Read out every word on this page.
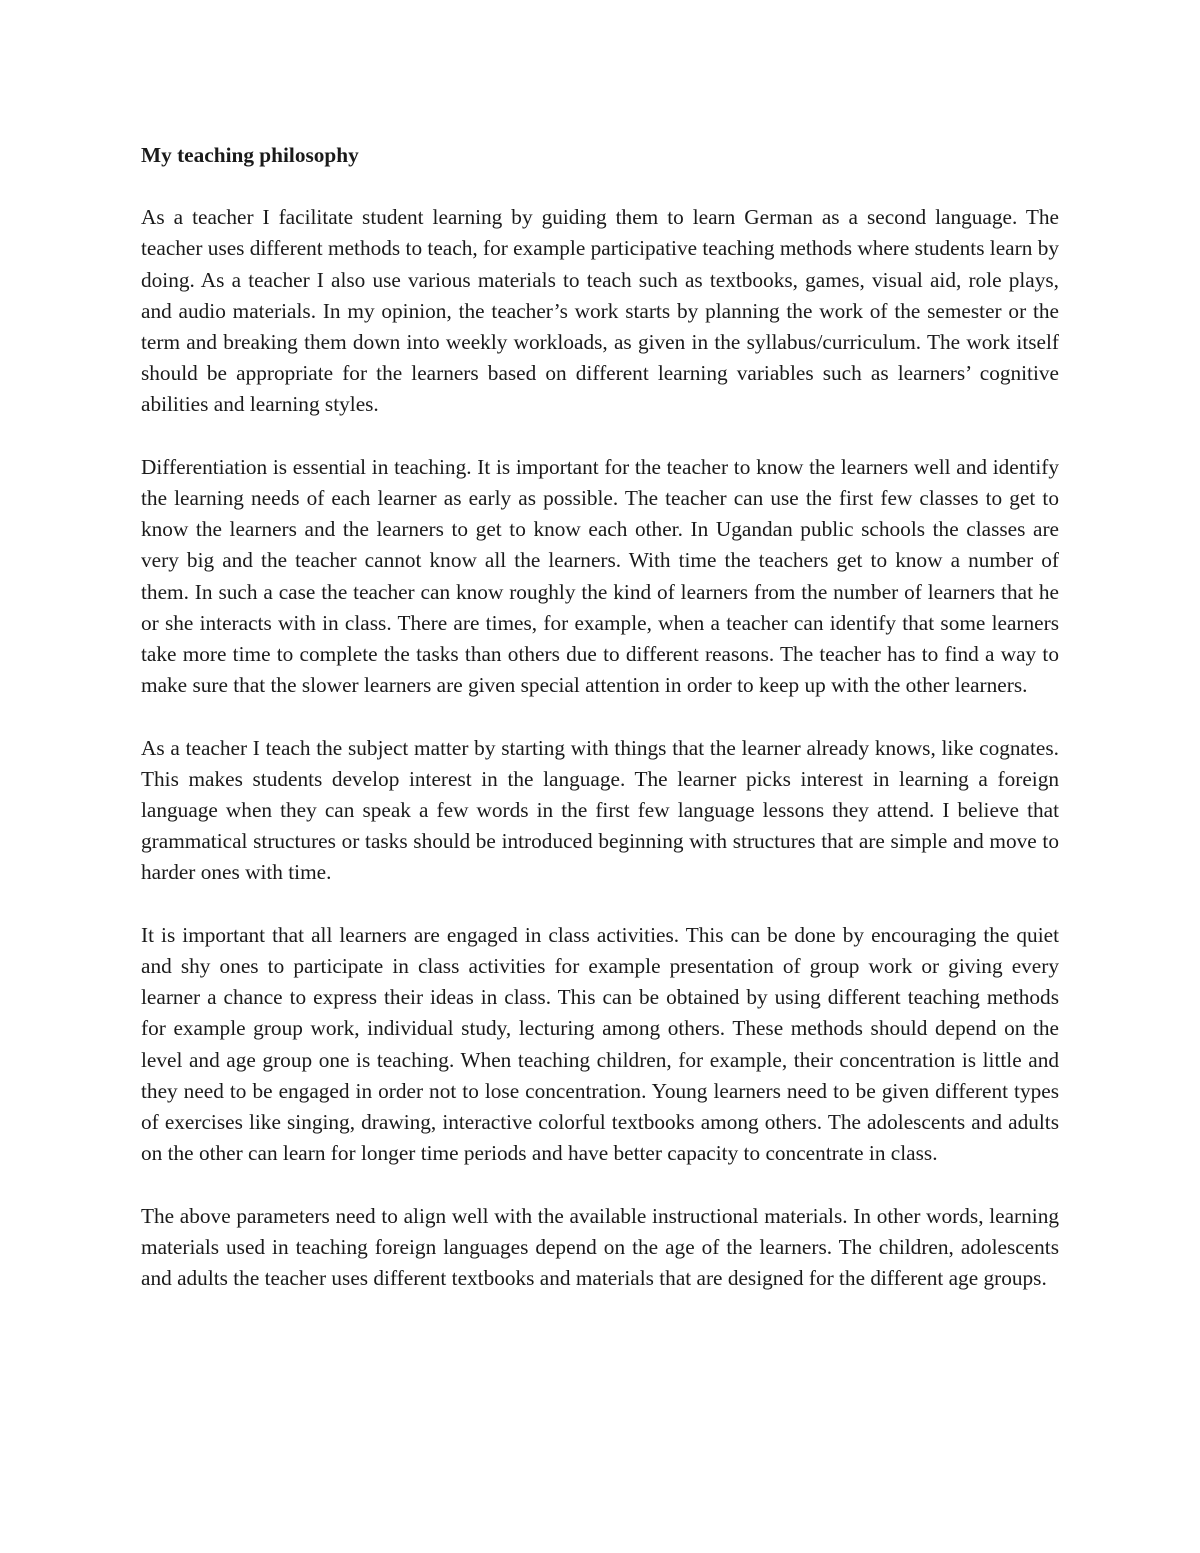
My teaching philosophy

As a teacher I facilitate student learning by guiding them to learn German as a second language. The teacher uses different methods to teach, for example participative teaching methods where students learn by doing. As a teacher I also use various materials to teach such as textbooks, games, visual aid, role plays, and audio materials. In my opinion, the teacher’s work starts by planning the work of the semester or the term and breaking them down into weekly workloads, as given in the syllabus/curriculum. The work itself should be appropriate for the learners based on different learning variables such as learners’ cognitive abilities and learning styles.

Differentiation is essential in teaching. It is important for the teacher to know the learners well and identify the learning needs of each learner as early as possible. The teacher can use the first few classes to get to know the learners and the learners to get to know each other. In Ugandan public schools the classes are very big and the teacher cannot know all the learners. With time the teachers get to know a number of them. In such a case the teacher can know roughly the kind of learners from the number of learners that he or she interacts with in class. There are times, for example, when a teacher can identify that some learners take more time to complete the tasks than others due to different reasons. The teacher has to find a way to make sure that the slower learners are given special attention in order to keep up with the other learners.

As a teacher I teach the subject matter by starting with things that the learner already knows, like cognates. This makes students develop interest in the language. The learner picks interest in learning a foreign language when they can speak a few words in the first few language lessons they attend. I believe that grammatical structures or tasks should be introduced beginning with structures that are simple and move to harder ones with time.

It is important that all learners are engaged in class activities. This can be done by encouraging the quiet and shy ones to participate in class activities for example presentation of group work or giving every learner a chance to express their ideas in class. This can be obtained by using different teaching methods for example group work, individual study, lecturing among others. These methods should depend on the level and age group one is teaching. When teaching children, for example, their concentration is little and they need to be engaged in order not to lose concentration. Young learners need to be given different types of exercises like singing, drawing, interactive colorful textbooks among others. The adolescents and adults on the other can learn for longer time periods and have better capacity to concentrate in class.

The above parameters need to align well with the available instructional materials. In other words, learning materials used in teaching foreign languages depend on the age of the learners. The children, adolescents and adults the teacher uses different textbooks and materials that are designed for the different age groups.
